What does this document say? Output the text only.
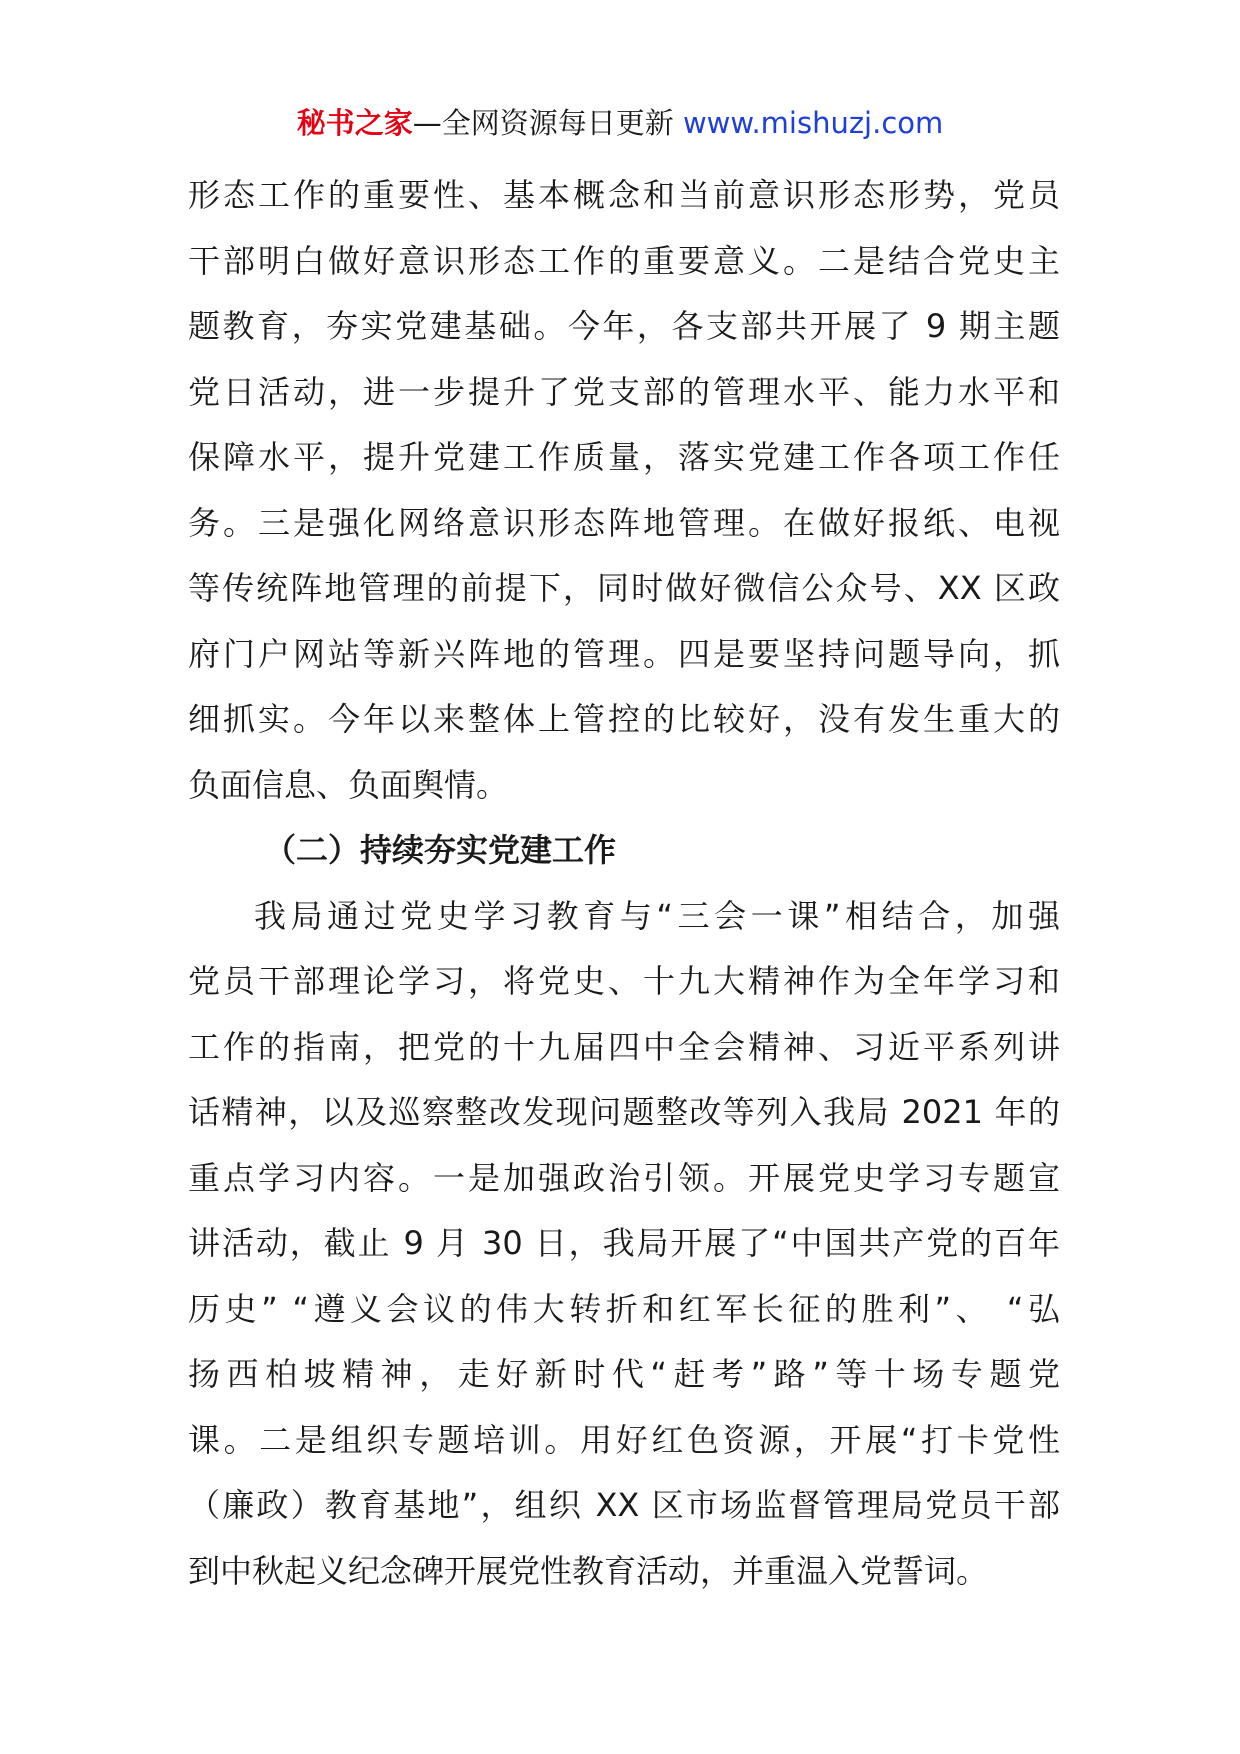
秘书之家—全网资源每日更新 www.mishuzj.com
形态工作的重要性、基本概念和当前意识形态形势，党员
干部明白做好意识形态工作的重要意义。二是结合党史主
题教育，夯实党建基础。今年，各支部共开展了 9 期主题
党日活动，进一步提升了党支部的管理水平、能力水平和
保障水平，提升党建工作质量，落实党建工作各项工作任
务。三是强化网络意识形态阵地管理。在做好报纸、电视
等传统阵地管理的前提下，同时做好微信公众号、XX 区政
府门户网站等新兴阵地的管理。四是要坚持问题导向，抓
细抓实。今年以来整体上管控的比较好，没有发生重大的
负面信息、负面舆情。
（二）持续夯实党建工作
我局通过党史学习教育与“三会一课”相结合，加强
党员干部理论学习，将党史、十九大精神作为全年学习和
工作的指南，把党的十九届四中全会精神、习近平系列讲
话精神，以及巡察整改发现问题整改等列入我局 2021 年的
重点学习内容。一是加强政治引领。开展党史学习专题宣
讲活动，截止 9 月 30 日，我局开展了“中国共产党的百年
历史” “遵义会议的伟大转折和红军长征的胜利”、 “弘
扬西柏坡精神，走好新时代“赶考”路”等十场专题党
课。二是组织专题培训。用好红色资源，开展“打卡党性
（廉政）教育基地”，组织 XX 区市场监督管理局党员干部
到中秋起义纪念碑开展党性教育活动，并重温入党誓词。
